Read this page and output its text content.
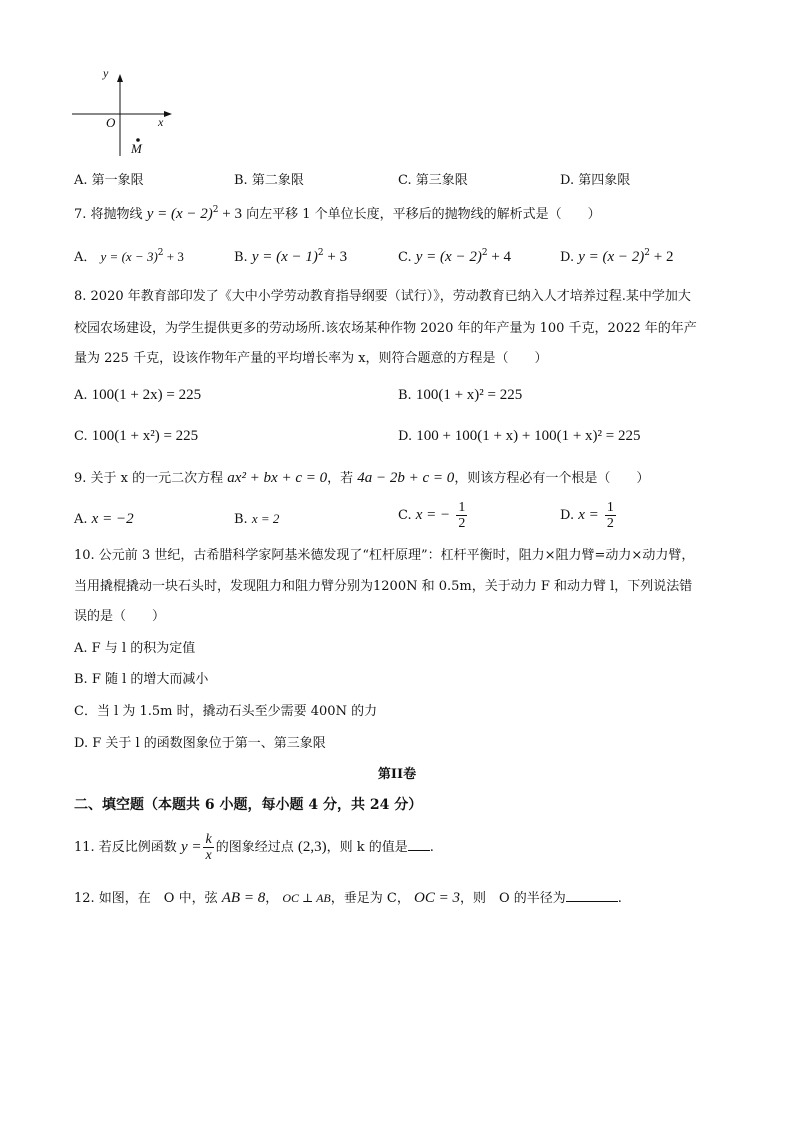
y
x
O
M
A. 第一象限	B. 第二象限	C. 第三象限	D. 第四象限
7. 将抛物线 $y = (x - 2)^2 + 3$ 向左平移 1 个单位长度，平移后的抛物线的解析式是（　　）
A． $y = (x - 3)^2 + 3$	B. $y = (x - 1)^2 + 3$	C. $y = (x - 2)^2 + 4$	D. $y = (x - 2)^2 + 2$
8. 2020 年教育部印发了《大中小学劳动教育指导纲要（试行）》，劳动教育已纳入人才培养过程.某中学加大
校园农场建设，为学生提供更多的劳动场所.该农场某种作物 2020 年的年产量为 100 千克，2022 年的年产
量为 225 千克，设该作物年产量的平均增长率为 x，则符合题意的方程是（　　）
A. 100(1 + 2x) = 225	B. 100(1 + x)² = 225
C. 100(1 + x²) = 225	D. 100 + 100(1 + x) + 100(1 + x)² = 225
9. 关于 x 的一元二次方程 ax² + bx + c = 0，若 4a − 2b + c = 0，则该方程必有一个根是（　　）
A. x = −2	B. x = 2	C. x = − $\frac{1}{2}$	D. $x = \frac{1}{2}$
10. 公元前 3 世纪，古希腊科学家阿基米德发现了“杠杆原理”：杠杆平衡时，阻力×阻力臂=动力×动力臂，
当用撬棍撬动一块石头时，发现阻力和阻力臂分别为1200N 和 0.5m，关于动力 F 和动力臂 l，下列说法错
误的是（　　）
A. F 与 l 的积为定值
B. F 随 l 的增大而减小
C．当 l 为 1.5m 时，撬动石头至少需要 400N 的力
D. F 关于 l 的函数图象位于第一、第三象限
第II卷
二、填空题（本题共 6 小题，每小题 4 分，共 24 分）
11. 若反比例函数 $y = \frac{k}{x}$ 的图象经过点 (2,3)，则 k 的值是 .
12. 如图，在　O 中，弦 AB = 8， OC ⊥ AB，垂足为 C， OC = 3，则　O 的半径为	.
